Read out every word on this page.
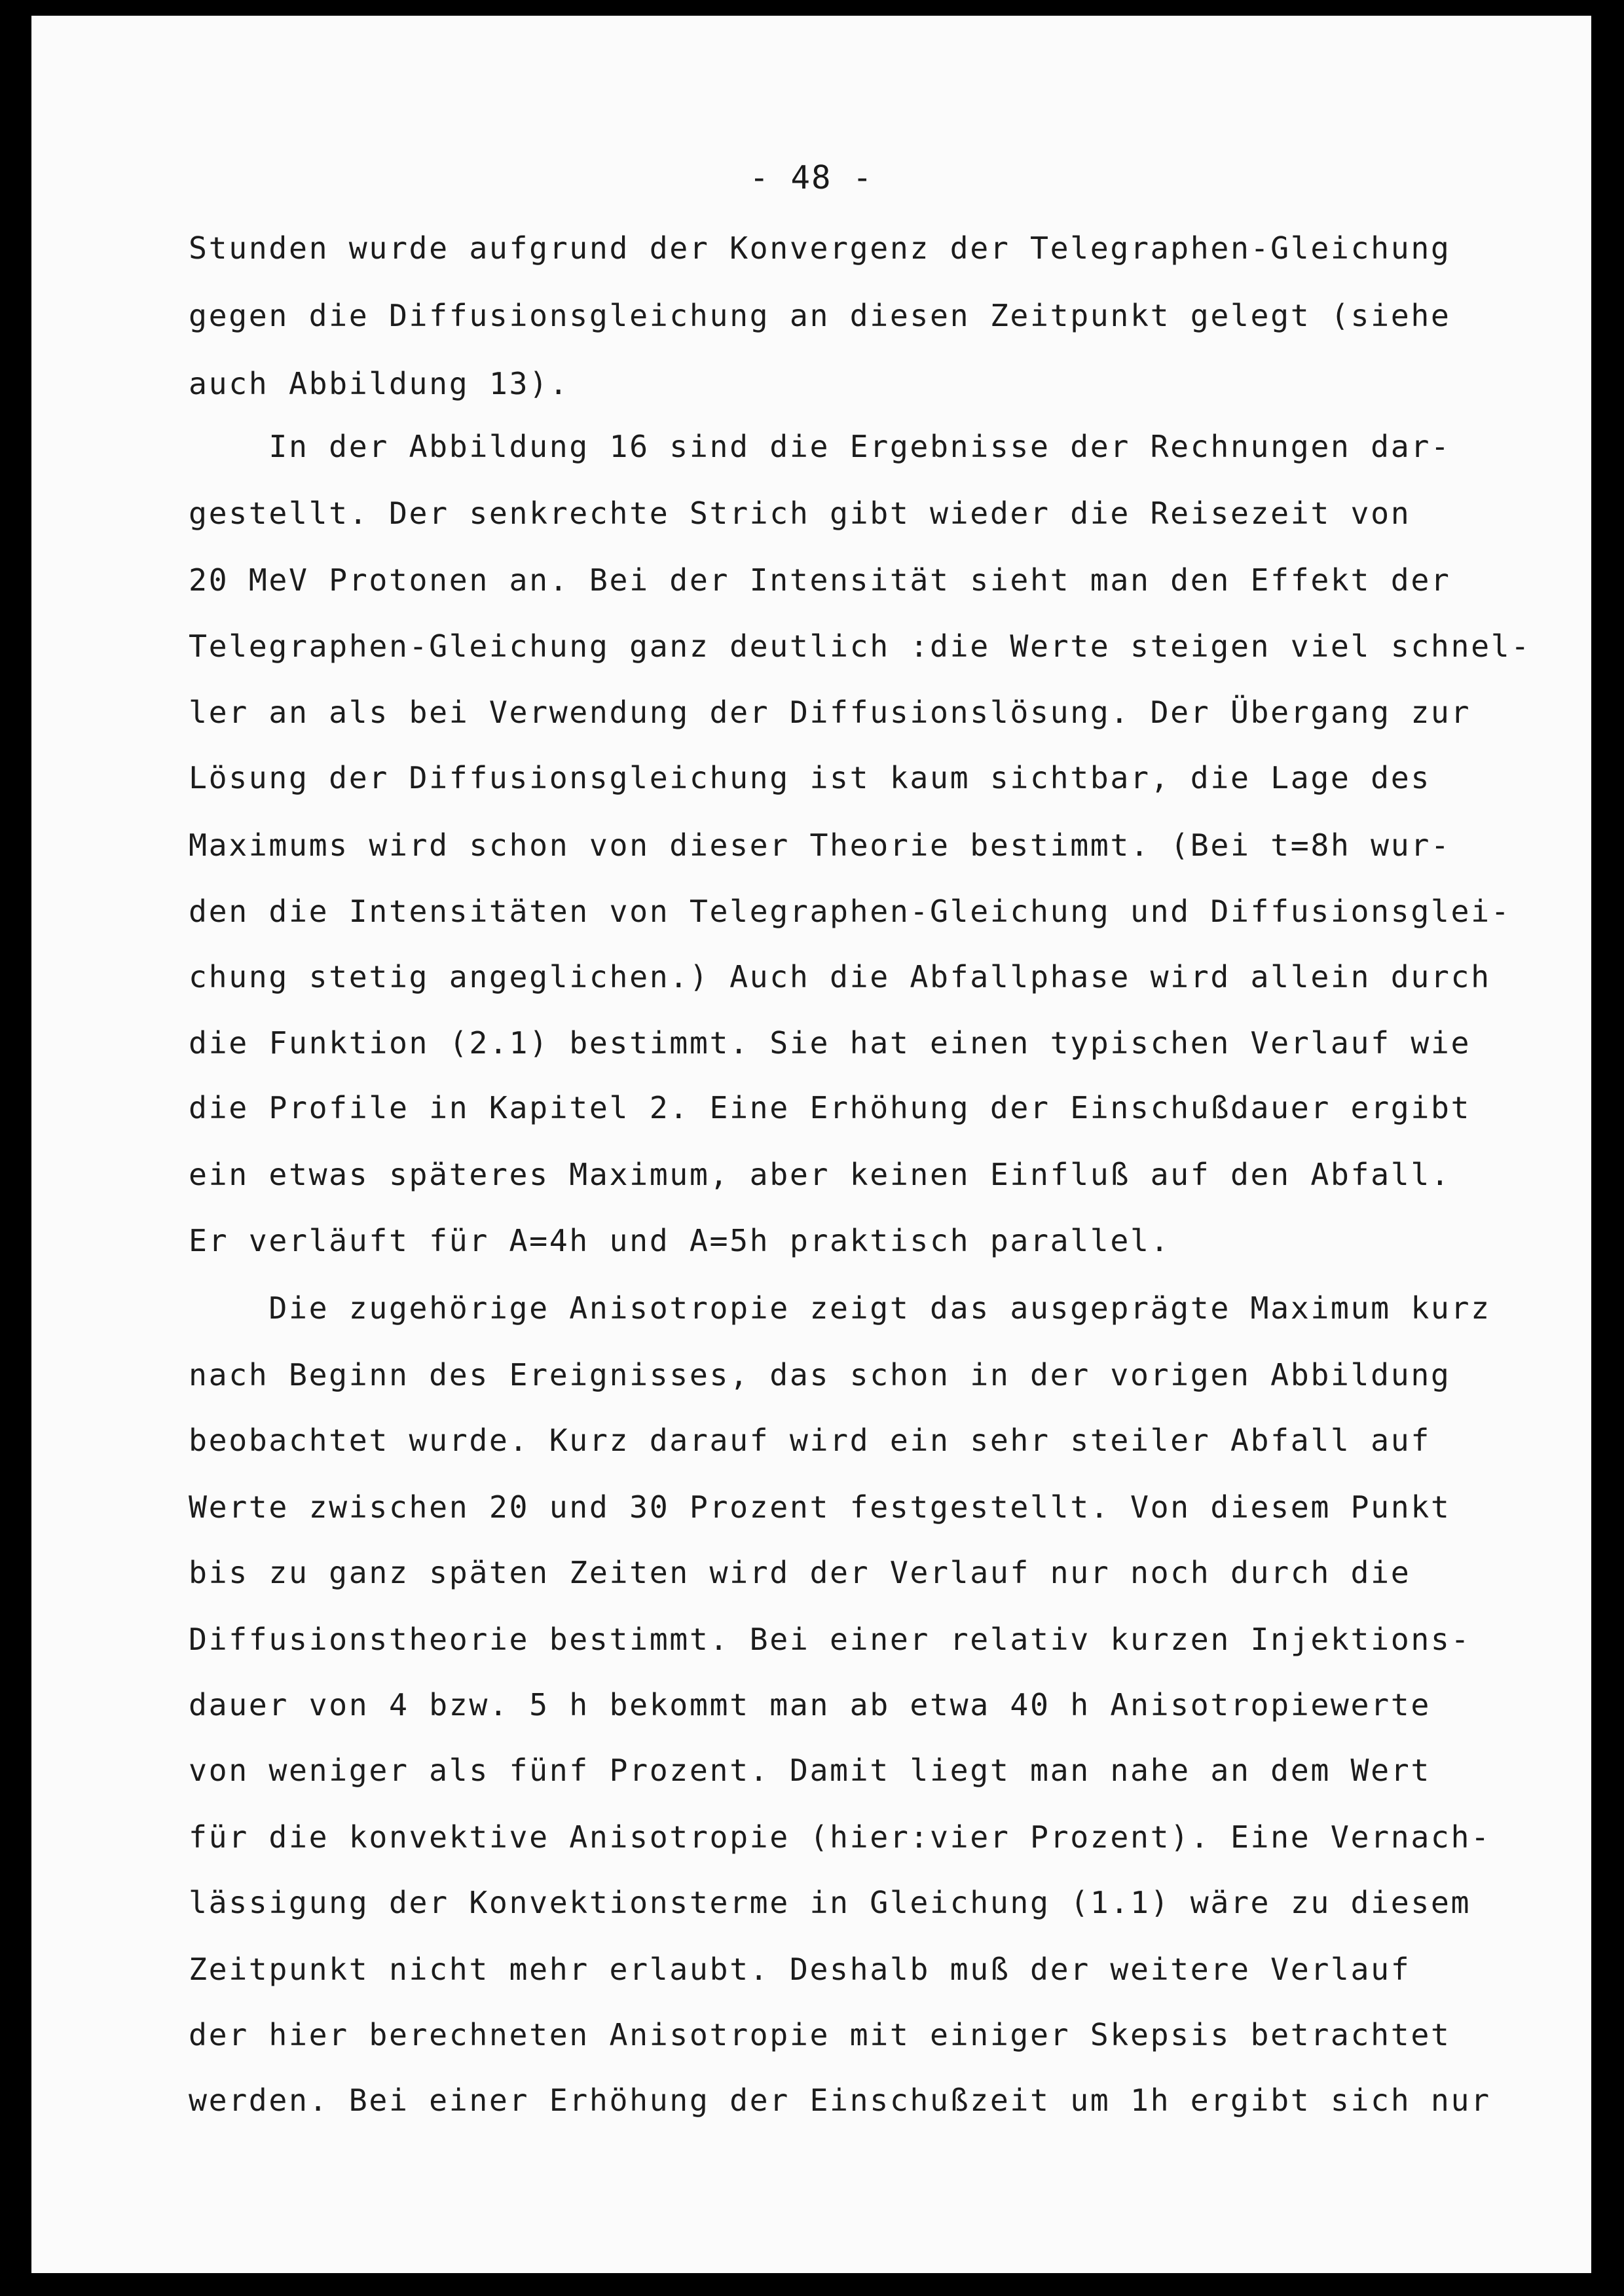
- 48 -
Stunden wurde aufgrund der Konvergenz der Telegraphen-Gleichung
gegen die Diffusionsgleichung an diesen Zeitpunkt gelegt (siehe
auch Abbildung 13).
In der Abbildung 16 sind die Ergebnisse der Rechnungen dar-
gestellt. Der senkrechte Strich gibt wieder die Reisezeit von
20 MeV Protonen an. Bei der Intensität sieht man den Effekt der
Telegraphen-Gleichung ganz deutlich :die Werte steigen viel schnel-
ler an als bei Verwendung der Diffusionslösung. Der Übergang zur
Lösung der Diffusionsgleichung ist kaum sichtbar, die Lage des
Maximums wird schon von dieser Theorie bestimmt. (Bei t=8h wur-
den die Intensitäten von Telegraphen-Gleichung und Diffusionsglei-
chung stetig angeglichen.) Auch die Abfallphase wird allein durch
die Funktion (2.1) bestimmt. Sie hat einen typischen Verlauf wie
die Profile in Kapitel 2. Eine Erhöhung der Einschußdauer ergibt
ein etwas späteres Maximum, aber keinen Einfluß auf den Abfall.
Er verläuft für A=4h und A=5h praktisch parallel.
Die zugehörige Anisotropie zeigt das ausgeprägte Maximum kurz
nach Beginn des Ereignisses, das schon in der vorigen Abbildung
beobachtet wurde. Kurz darauf wird ein sehr steiler Abfall auf
Werte zwischen 20 und 30 Prozent festgestellt. Von diesem Punkt
bis zu ganz späten Zeiten wird der Verlauf nur noch durch die
Diffusionstheorie bestimmt. Bei einer relativ kurzen Injektions-
dauer von 4 bzw. 5 h bekommt man ab etwa 40 h Anisotropiewerte
von weniger als fünf Prozent. Damit liegt man nahe an dem Wert
für die konvektive Anisotropie (hier:vier Prozent). Eine Vernach-
lässigung der Konvektionsterme in Gleichung (1.1) wäre zu diesem
Zeitpunkt nicht mehr erlaubt. Deshalb muß der weitere Verlauf
der hier berechneten Anisotropie mit einiger Skepsis betrachtet
werden. Bei einer Erhöhung der Einschußzeit um 1h ergibt sich nur
